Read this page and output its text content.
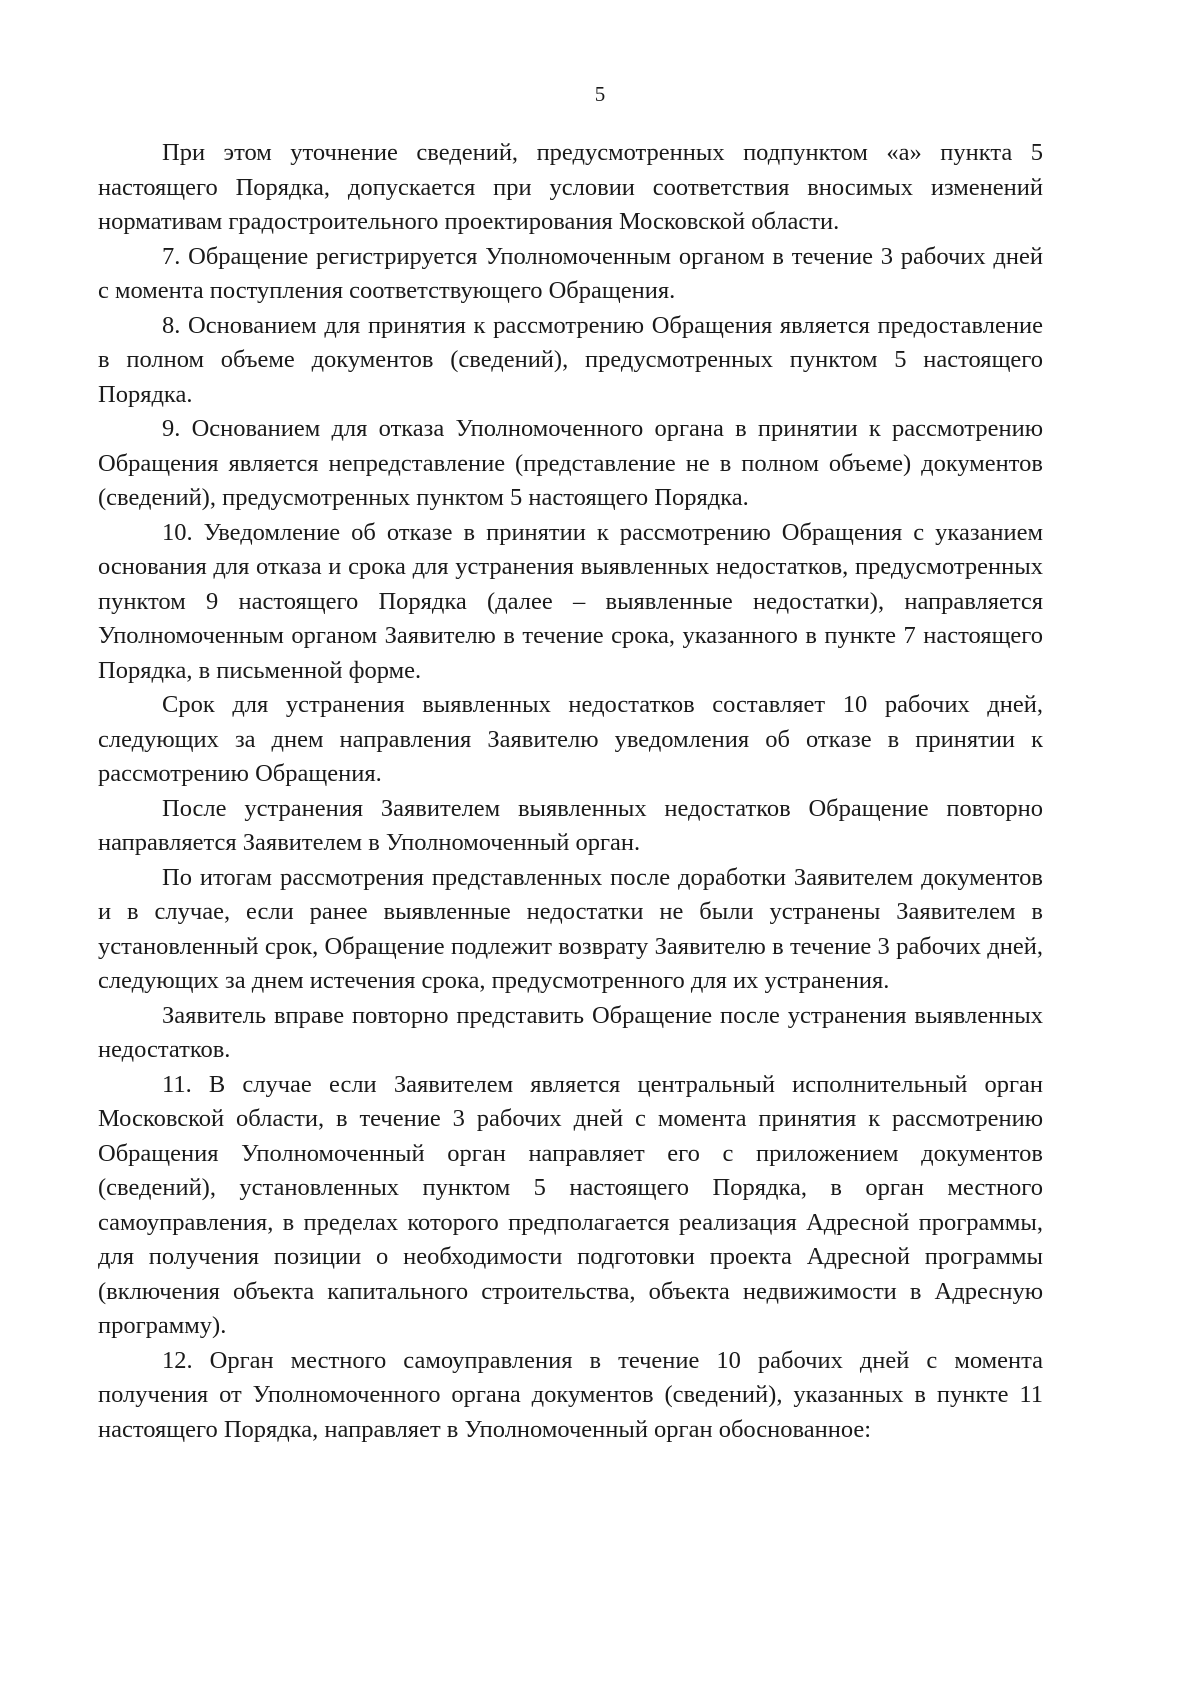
5

При этом уточнение сведений, предусмотренных подпунктом «а» пункта 5 настоящего Порядка, допускается при условии соответствия вносимых изменений нормативам градостроительного проектирования Московской области.

7. Обращение регистрируется Уполномоченным органом в течение 3 рабочих дней с момента поступления соответствующего Обращения.

8. Основанием для принятия к рассмотрению Обращения является предоставление в полном объеме документов (сведений), предусмотренных пунктом 5 настоящего Порядка.

9. Основанием для отказа Уполномоченного органа в принятии к рассмотрению Обращения является непредставление (представление не в полном объеме) документов (сведений), предусмотренных пунктом 5 настоящего Порядка.

10. Уведомление об отказе в принятии к рассмотрению Обращения с указанием основания для отказа и срока для устранения выявленных недостатков, предусмотренных пунктом 9 настоящего Порядка (далее – выявленные недостатки), направляется Уполномоченным органом Заявителю в течение срока, указанного в пункте 7 настоящего Порядка, в письменной форме.

Срок для устранения выявленных недостатков составляет 10 рабочих дней, следующих за днем направления Заявителю уведомления об отказе в принятии к рассмотрению Обращения.

После устранения Заявителем выявленных недостатков Обращение повторно направляется Заявителем в Уполномоченный орган.

По итогам рассмотрения представленных после доработки Заявителем документов и в случае, если ранее выявленные недостатки не были устранены Заявителем в установленный срок, Обращение подлежит возврату Заявителю в течение 3 рабочих дней, следующих за днем истечения срока, предусмотренного для их устранения.

Заявитель вправе повторно представить Обращение после устранения выявленных недостатков.

11. В случае если Заявителем является центральный исполнительный орган Московской области, в течение 3 рабочих дней с момента принятия к рассмотрению Обращения Уполномоченный орган направляет его с приложением документов (сведений), установленных пунктом 5 настоящего Порядка, в орган местного самоуправления, в пределах которого предполагается реализация Адресной программы, для получения позиции о необходимости подготовки проекта Адресной программы (включения объекта капитального строительства, объекта недвижимости в Адресную программу).

12. Орган местного самоуправления в течение 10 рабочих дней с момента получения от Уполномоченного органа документов (сведений), указанных в пункте 11 настоящего Порядка, направляет в Уполномоченный орган обоснованное:
